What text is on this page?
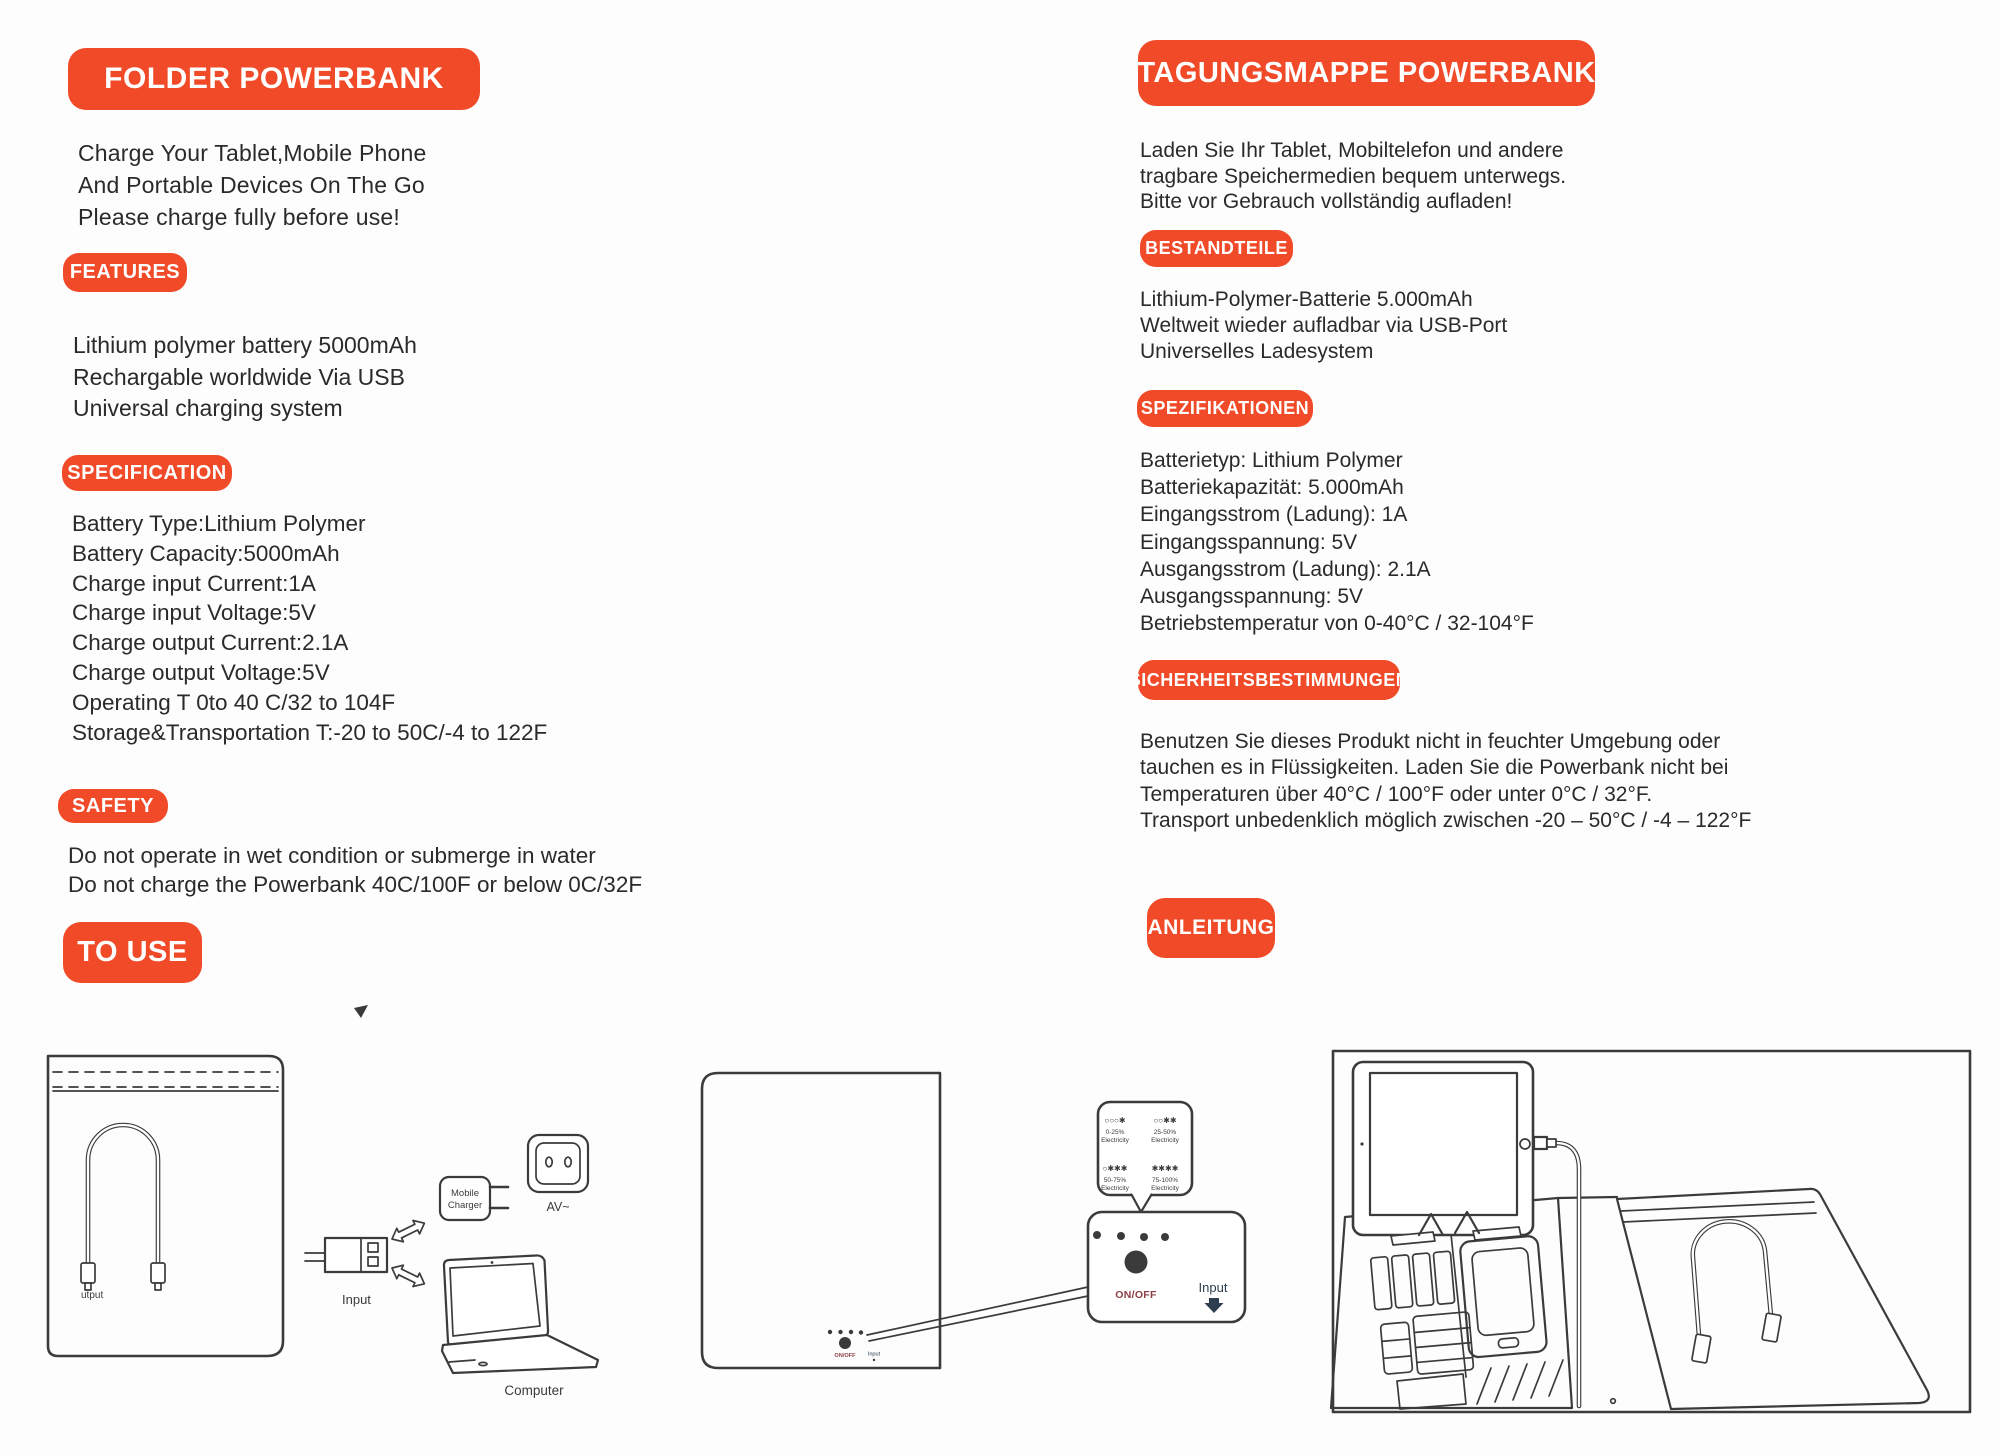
FOLDER POWERBANK
Charge Your Tablet,Mobile Phone
And Portable Devices On The Go
Please charge fully before use!
FEATURES
Lithium polymer battery 5000mAh
Rechargable worldwide Via USB
Universal charging system
SPECIFICATION
Battery Type:Lithium Polymer
Battery Capacity:5000mAh
Charge input Current:1A
Charge input Voltage:5V
Charge output Current:2.1A
Charge output Voltage:5V
Operating T 0to 40 C/32 to 104F
Storage&Transportation T:-20 to 50C/-4 to 122F
SAFETY
Do not operate in wet condition or submerge in water
Do not charge the Powerbank 40C/100F or below 0C/32F
TO USE
TAGUNGSMAPPE POWERBANK
Laden Sie Ihr Tablet, Mobiltelefon und andere
tragbare Speichermedien bequem unterwegs.
Bitte vor Gebrauch vollständig aufladen!
BESTANDTEILE
Lithium-Polymer-Batterie 5.000mAh
Weltweit wieder aufladbar via USB-Port
Universelles Ladesystem
SPEZIFIKATIONEN
Batterietyp: Lithium Polymer
Batteriekapazität: 5.000mAh
Eingangsstrom (Ladung): 1A
Eingangsspannung: 5V
Ausgangsstrom (Ladung): 2.1A
Ausgangsspannung: 5V
Betriebstemperatur von 0-40°C / 32-104°F
SICHERHEITSBESTIMMUNGEN
Benutzen Sie dieses Produkt nicht in feuchter Umgebung oder
tauchen es in Flüssigkeiten. Laden Sie die Powerbank nicht bei
Temperaturen über 40°C / 100°F oder unter 0°C / 32°F.
Transport unbedenklich möglich zwischen -20 – 50°C / -4 – 122°F
ANLEITUNG
utput	Input
Mobile
Charger	AV~
Computer
ON/OFF Input
○○○✱
0-25%
Electricity
○○✱✱
25-50%
Electricity
○✱✱✱
50-75%
Electricity
✱✱✱✱
75-100%
Electricity
ON/OFF	Input
